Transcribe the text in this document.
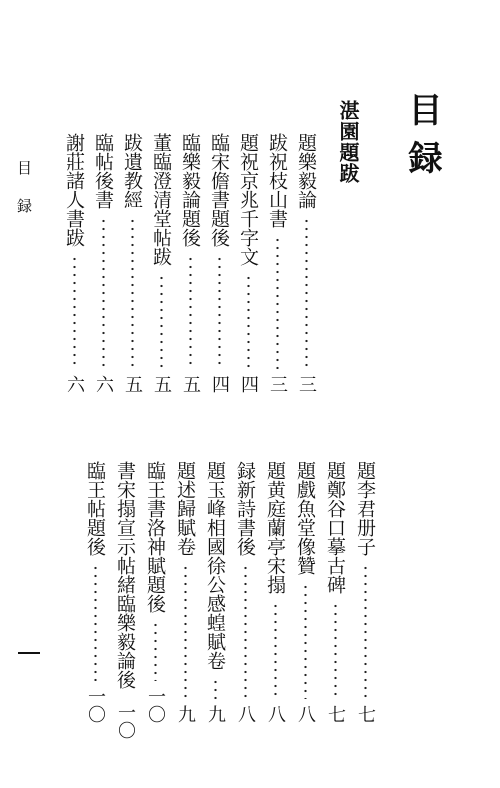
目録
湛園題跋
目　録	題樂毅論
三
跋祝枝山書
三
題祝京兆千字文
四
臨宋儋書題後
四
臨樂毅論題後
五
董臨澄清堂帖跋
五
跋遺教經
五
臨帖後書
六
謝莊諸人書跋
六
題李君册子
七
題鄭谷口摹古碑
七
題戲魚堂像贊
八
題黄庭蘭亭宋搨
八
録新詩書後
八
題玉峰相國徐公感蝗賦卷
九
題述歸賦卷
九
臨王書洛神賦題後
一〇
書宋搨宣示帖緒臨樂毅論後
一〇
臨王帖題後
一〇
